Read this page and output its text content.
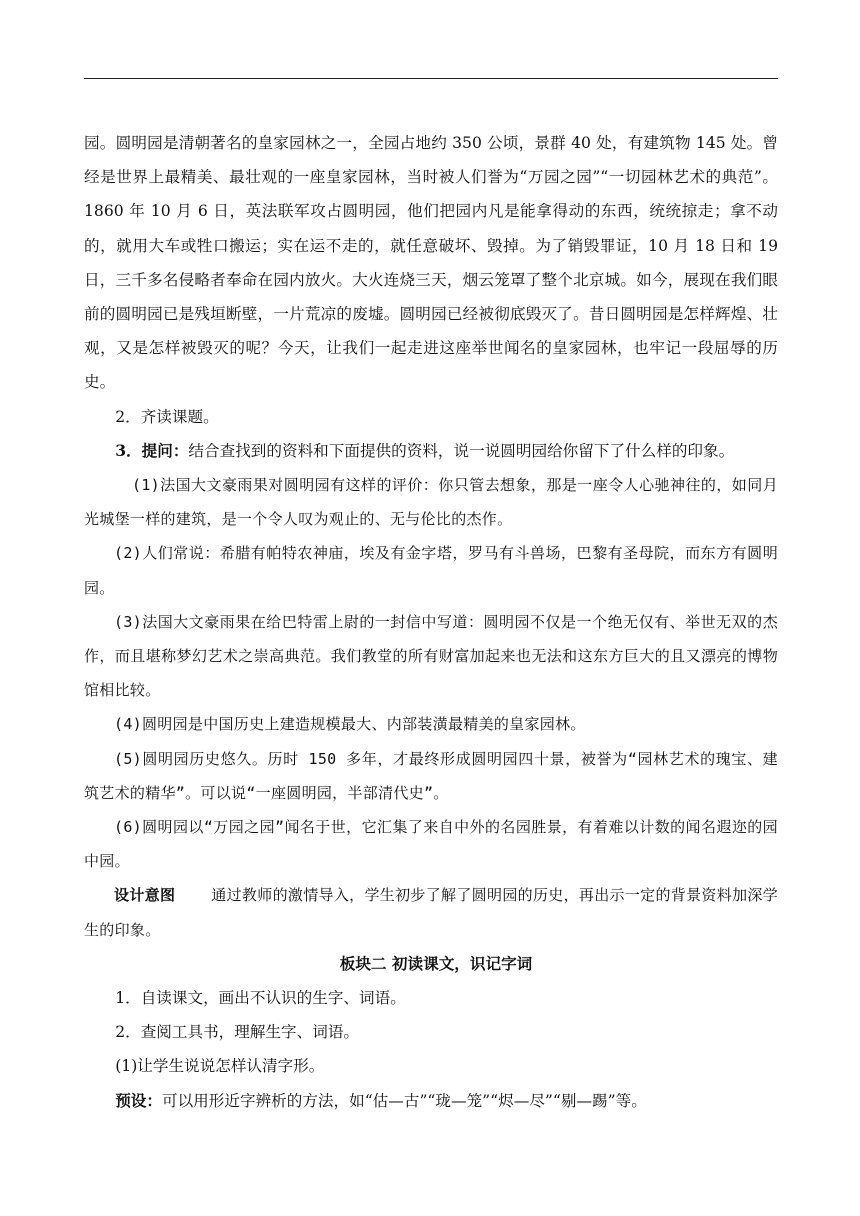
园。圆明园是清朝著名的皇家园林之一，全园占地约 350 公顷，景群 40 处，有建筑物 145 处。曾经是世界上最精美、最壮观的一座皇家园林，当时被人们誉为“万园之园”“一切园林艺术的典范”。1860 年 10 月 6 日，英法联军攻占圆明园，他们把园内凡是能拿得动的东西，统统掠走；拿不动的，就用大车或牲口搬运；实在运不走的，就任意破坏、毁掉。为了销毁罪证，10 月 18 日和 19 日，三千多名侵略者奉命在园内放火。大火连烧三天，烟云笼罩了整个北京城。如今，展现在我们眼前的圆明园已是残垣断壁，一片荒凉的废墟。圆明园已经被彻底毁灭了。昔日圆明园是怎样辉煌、壮观，又是怎样被毁灭的呢？今天，让我们一起走进这座举世闻名的皇家园林，也牢记一段屈辱的历史。

2．齐读课题。

3．提问：结合查找到的资料和下面提供的资料，说一说圆明园给你留下了什么样的印象。

(1)法国大文豪雨果对圆明园有这样的评价：你只管去想象，那是一座令人心驰神往的，如同月光城堡一样的建筑，是一个令人叹为观止的、无与伦比的杰作。

(2)人们常说：希腊有帕特农神庙，埃及有金字塔，罗马有斗兽场，巴黎有圣母院，而东方有圆明园。

(3)法国大文豪雨果在给巴特雷上尉的一封信中写道：圆明园不仅是一个绝无仅有、举世无双的杰作，而且堪称梦幻艺术之崇高典范。我们教堂的所有财富加起来也无法和这东方巨大的且又漂亮的博物馆相比较。

(4)圆明园是中国历史上建造规模最大、内部装潢最精美的皇家园林。

(5)圆明园历史悠久。历时 150 多年，才最终形成圆明园四十景，被誉为“园林艺术的瑰宝、建筑艺术的精华”。可以说“一座圆明园，半部清代史”。

(6)圆明园以“万园之园”闻名于世，它汇集了来自中外的名园胜景，有着难以计数的闻名遐迩的园中园。

设计意图 通过教师的激情导入，学生初步了解了圆明园的历史，再出示一定的背景资料加深学生的印象。

板块二 初读课文，识记字词

1．自读课文，画出不认识的生字、词语。

2．查阅工具书，理解生字、词语。

(1)让学生说说怎样认清字形。

预设：可以用形近字辨析的方法，如“估—古”“珑—笼”“烬—尽”“剔—踢”等。
